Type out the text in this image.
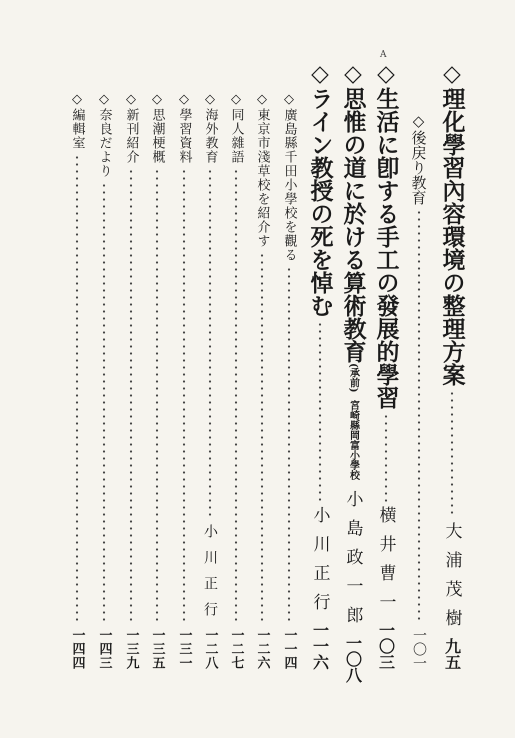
A
◇理化學習內容環境の整理方案
大浦茂樹
九五
◇後戻り教育
一〇一
◇生活に卽する手工の發展的學習
横井曹一
一〇三
◇思惟の道に於ける算術教育(承前)
宮崎縣岡富小學校
小島政一郎
一〇八
◇ライン教授の死を悼む
小川正行
一一六
◇廣島縣千田小學校を觀る
一一四
◇東京市淺草校を紹介す
一二六
◇同人雜語
一二七
◇海外教育
小川正行
一二八
◇學習資料
一三一
◇思潮梗概
一三五
◇新刊紹介
一三九
◇奈良だより
一四三
◇編輯室
一四四
